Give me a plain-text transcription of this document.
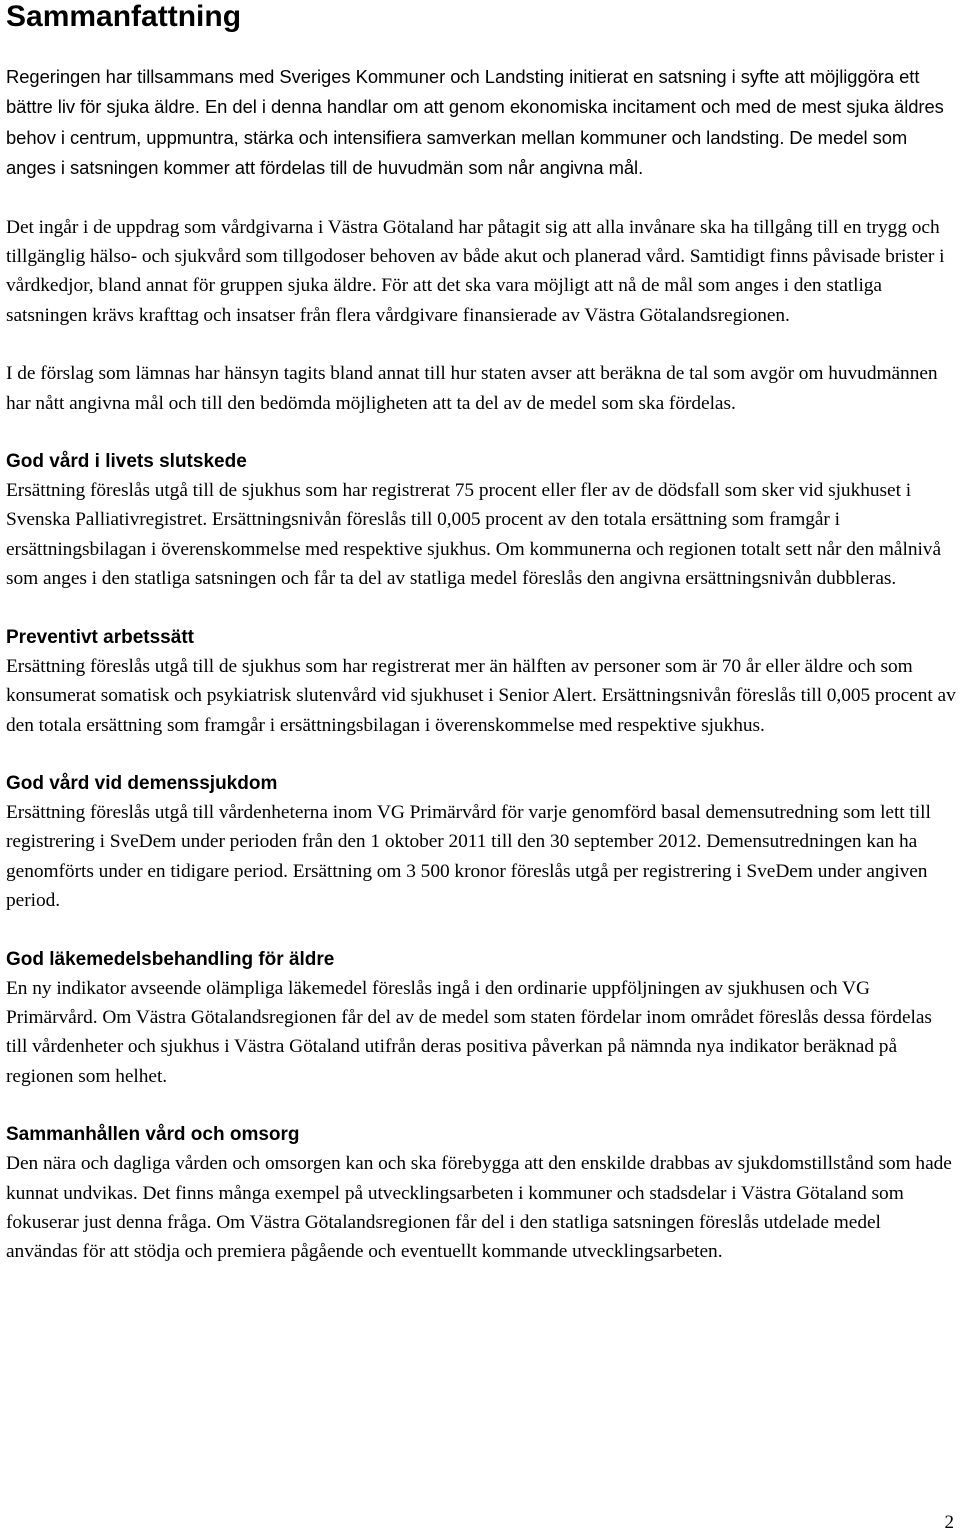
Sammanfattning

Regeringen har tillsammans med Sveriges Kommuner och Landsting initierat en satsning i syfte att möjliggöra ett bättre liv för sjuka äldre. En del i denna handlar om att genom ekonomiska incitament och med de mest sjuka äldres behov i centrum, uppmuntra, stärka och intensifiera samverkan mellan kommuner och landsting. De medel som anges i satsningen kommer att fördelas till de huvudmän som når angivna mål.

Det ingår i de uppdrag som vårdgivarna i Västra Götaland har påtagit sig att alla invånare ska ha tillgång till en trygg och tillgänglig hälso- och sjukvård som tillgodoser behoven av både akut och planerad vård. Samtidigt finns påvisade brister i vårdkedjor, bland annat för gruppen sjuka äldre. För att det ska vara möjligt att nå de mål som anges i den statliga satsningen krävs krafttag och insatser från flera vårdgivare finansierade av Västra Götalandsregionen.

I de förslag som lämnas har hänsyn tagits bland annat till hur staten avser att beräkna de tal som avgör om huvudmännen har nått angivna mål och till den bedömda möjligheten att ta del av de medel som ska fördelas.

God vård i livets slutskede

Ersättning föreslås utgå till de sjukhus som har registrerat 75 procent eller fler av de dödsfall som sker vid sjukhuset i Svenska Palliativregistret. Ersättningsnivån föreslås till 0,005 procent av den totala ersättning som framgår i ersättningsbilagan i överenskommelse med respektive sjukhus. Om kommunerna och regionen totalt sett når den målnivå som anges i den statliga satsningen och får ta del av statliga medel föreslås den angivna ersättningsnivån dubbleras.

Preventivt arbetssätt

Ersättning föreslås utgå till de sjukhus som har registrerat mer än hälften av personer som är 70 år eller äldre och som konsumerat somatisk och psykiatrisk slutenvård vid sjukhuset i Senior Alert. Ersättningsnivån föreslås till 0,005 procent av den totala ersättning som framgår i ersättningsbilagan i överenskommelse med respektive sjukhus.

God vård vid demenssjukdom

Ersättning föreslås utgå till vårdenheterna inom VG Primärvård för varje genomförd basal demensutredning som lett till registrering i SveDem under perioden från den 1 oktober 2011 till den 30 september 2012. Demensutredningen kan ha genomförts under en tidigare period. Ersättning om 3 500 kronor föreslås utgå per registrering i SveDem under angiven period.

God läkemedelsbehandling för äldre

En ny indikator avseende olämpliga läkemedel föreslås ingå i den ordinarie uppföljningen av sjukhusen och VG Primärvård. Om Västra Götalandsregionen får del av de medel som staten fördelar inom området föreslås dessa fördelas till vårdenheter och sjukhus i Västra Götaland utifrån deras positiva påverkan på nämnda nya indikator beräknad på regionen som helhet.

Sammanhållen vård och omsorg

Den nära och dagliga vården och omsorgen kan och ska förebygga att den enskilde drabbas av sjukdomstillstånd som hade kunnat undvikas. Det finns många exempel på utvecklingsarbeten i kommuner och stadsdelar i Västra Götaland som fokuserar just denna fråga. Om Västra Götalandsregionen får del i den statliga satsningen föreslås utdelade medel användas för att stödja och premiera pågående och eventuellt kommande utvecklingsarbeten.

2
